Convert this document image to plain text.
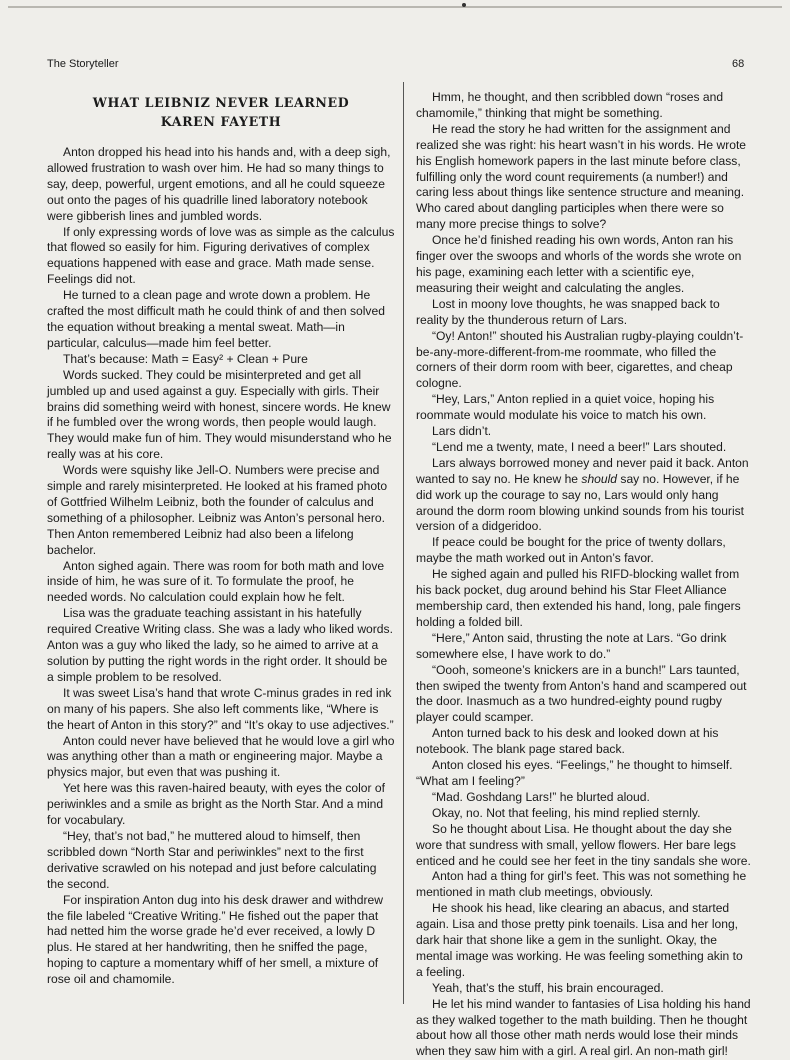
The Storyteller	68
WHAT LEIBNIZ NEVER LEARNED
KAREN FAYETH

Anton dropped his head into his hands and, with a deep sigh, allowed frustration to wash over him. He had so many things to say, deep, powerful, urgent emotions, and all he could squeeze out onto the pages of his quadrille lined laboratory notebook were gibberish lines and jumbled words.

If only expressing words of love was as simple as the calculus that flowed so easily for him. Figuring derivatives of complex equations happened with ease and grace. Math made sense. Feelings did not.

He turned to a clean page and wrote down a problem. He crafted the most difficult math he could think of and then solved the equation without breaking a mental sweat. Math—in particular, calculus—made him feel better.

That’s because: Math = Easy² + Clean + Pure

Words sucked. They could be misinterpreted and get all jumbled up and used against a guy. Especially with girls. Their brains did something weird with honest, sincere words. He knew if he fumbled over the wrong words, then people would laugh. They would make fun of him. They would misunderstand who he really was at his core.

Words were squishy like Jell-O. Numbers were precise and simple and rarely misinterpreted. He looked at his framed photo of Gottfried Wilhelm Leibniz, both the founder of calculus and something of a philosopher. Leibniz was Anton’s personal hero. Then Anton remembered Leibniz had also been a lifelong bachelor.

Anton sighed again. There was room for both math and love inside of him, he was sure of it. To formulate the proof, he needed words. No calculation could explain how he felt.

Lisa was the graduate teaching assistant in his hatefully required Creative Writing class. She was a lady who liked words. Anton was a guy who liked the lady, so he aimed to arrive at a solution by putting the right words in the right order. It should be a simple problem to be resolved.

It was sweet Lisa’s hand that wrote C-minus grades in red ink on many of his papers. She also left comments like, “Where is the heart of Anton in this story?” and “It’s okay to use adjectives.”

Anton could never have believed that he would love a girl who was anything other than a math or engineering major. Maybe a physics major, but even that was pushing it.

Yet here was this raven-haired beauty, with eyes the color of periwinkles and a smile as bright as the North Star. And a mind for vocabulary.

“Hey, that’s not bad,” he muttered aloud to himself, then scribbled down “North Star and periwinkles” next to the first derivative scrawled on his notepad and just before calculating the second.

For inspiration Anton dug into his desk drawer and withdrew the file labeled “Creative Writing.” He fished out the paper that had netted him the worse grade he’d ever received, a lowly D plus. He stared at her handwriting, then he sniffed the page, hoping to capture a momentary whiff of her smell, a mixture of rose oil and chamomile.

Hmm, he thought, and then scribbled down “roses and chamomile,” thinking that might be something.

He read the story he had written for the assignment and realized she was right: his heart wasn’t in his words. He wrote his English homework papers in the last minute before class, fulfilling only the word count requirements (a number!) and caring less about things like sentence structure and meaning. Who cared about dangling participles when there were so many more precise things to solve?

Once he’d finished reading his own words, Anton ran his finger over the swoops and whorls of the words she wrote on his page, examining each letter with a scientific eye, measuring their weight and calculating the angles.

Lost in moony love thoughts, he was snapped back to reality by the thunderous return of Lars.

“Oy! Anton!” shouted his Australian rugby-playing couldn’t-be-any-more-different-from-me roommate, who filled the corners of their dorm room with beer, cigarettes, and cheap cologne.

“Hey, Lars,” Anton replied in a quiet voice, hoping his roommate would modulate his voice to match his own.

Lars didn’t.

“Lend me a twenty, mate, I need a beer!” Lars shouted.

Lars always borrowed money and never paid it back. Anton wanted to say no. He knew he should say no. However, if he did work up the courage to say no, Lars would only hang around the dorm room blowing unkind sounds from his tourist version of a didgeridoo.

If peace could be bought for the price of twenty dollars, maybe the math worked out in Anton’s favor.

He sighed again and pulled his RIFD-blocking wallet from his back pocket, dug around behind his Star Fleet Alliance membership card, then extended his hand, long, pale fingers holding a folded bill.

“Here,” Anton said, thrusting the note at Lars. “Go drink somewhere else, I have work to do.”

“Oooh, someone’s knickers are in a bunch!” Lars taunted, then swiped the twenty from Anton’s hand and scampered out the door. Inasmuch as a two hundred-eighty pound rugby player could scamper.

Anton turned back to his desk and looked down at his notebook. The blank page stared back.

Anton closed his eyes. “Feelings,” he thought to himself. “What am I feeling?”

“Mad. Goshdang Lars!” he blurted aloud.

Okay, no. Not that feeling, his mind replied sternly.

So he thought about Lisa. He thought about the day she wore that sundress with small, yellow flowers. Her bare legs enticed and he could see her feet in the tiny sandals she wore.

Anton had a thing for girl’s feet. This was not something he mentioned in math club meetings, obviously.

He shook his head, like clearing an abacus, and started again. Lisa and those pretty pink toenails. Lisa and her long, dark hair that shone like a gem in the sunlight. Okay, the mental image was working. He was feeling something akin to a feeling.

Yeah, that’s the stuff, his brain encouraged.

He let his mind wander to fantasies of Lisa holding his hand as they walked together to the math building. Then he thought about how all those other math nerds would lose their minds when they saw him with a girl. A real girl. An non-math girl!
